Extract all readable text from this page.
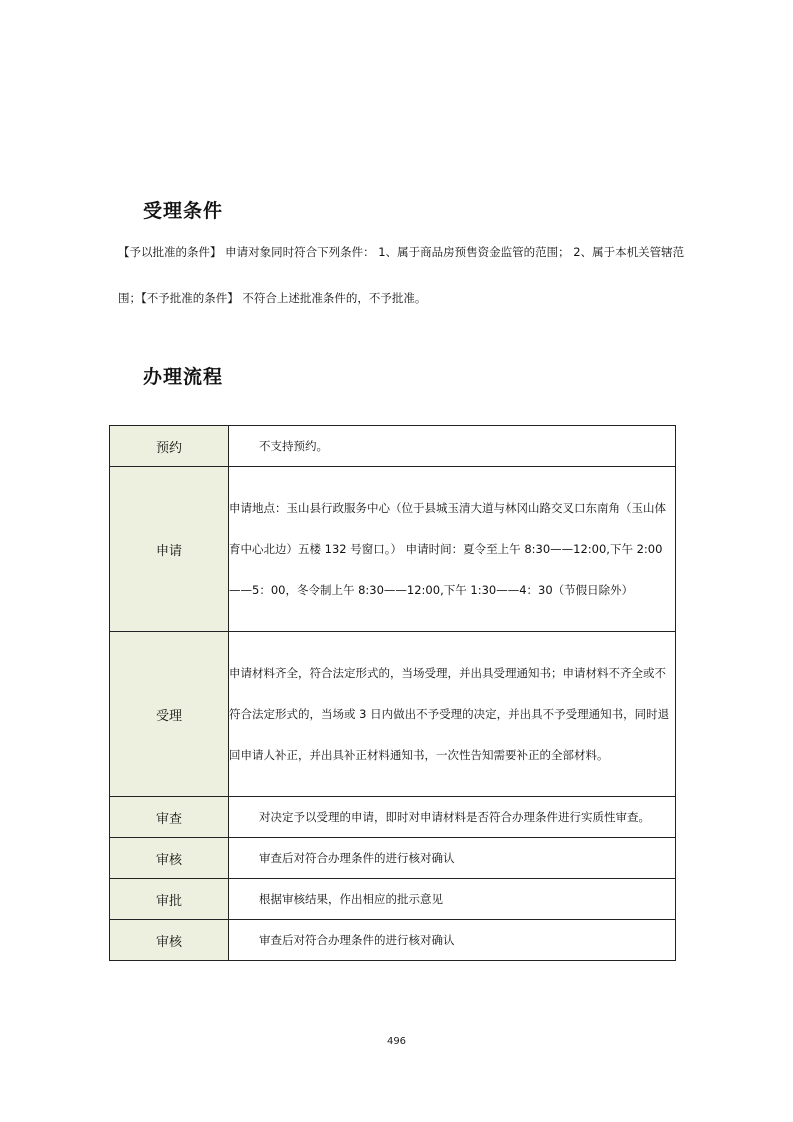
受理条件

【予以批准的条件】 申请对象同时符合下列条件： 1、属于商品房预售资金监管的范围； 2、属于本机关管辖范围；【不予批准的条件】 不符合上述批准条件的，不予批准。

办理流程
预约	不支持预约。
申请	申请地点：玉山县行政服务中心（位于县城玉清大道与林冈山路交叉口东南角（玉山体育中心北边）五楼 132 号窗口。） 申请时间：夏令至上午 8:30——12:00,下午 2:00——5：00，冬令制上午 8:30——12:00,下午 1:30——4：30（节假日除外）
受理	申请材料齐全，符合法定形式的，当场受理，并出具受理通知书；申请材料不齐全或不符合法定形式的，当场或 3 日内做出不予受理的决定，并出具不予受理通知书，同时退回申请人补正，并出具补正材料通知书，一次性告知需要补正的全部材料。
审查	对决定予以受理的申请，即时对申请材料是否符合办理条件进行实质性审查。
审核	审查后对符合办理条件的进行核对确认
审批	根据审核结果，作出相应的批示意见
审核	审查后对符合办理条件的进行核对确认
496
